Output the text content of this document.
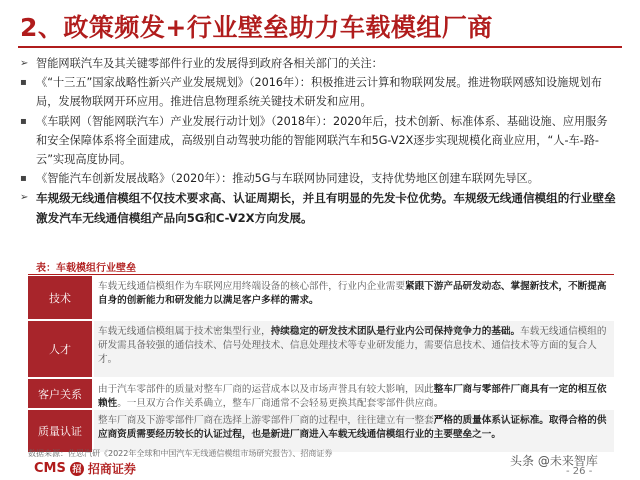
2、政策频发+行业壁垒助力车载模组厂商
➢ 智能网联汽车及其关键零部件行业的发展得到政府各相关部门的关注：
▪ 《“十三五”国家战略性新兴产业发展规划》（2016年）：积极推进云计算和物联网发展。推进物联网感知设施规划布局，发展物联网开环应用。推进信息物理系统关键技术研发和应用。
▪ 《车联网（智能网联汽车）产业发展行动计划》（2018年）：2020年后，技术创新、标准体系、基础设施、应用服务和安全保障体系将全面建成，高级别自动驾驶功能的智能网联汽车和5G-V2X逐步实现规模化商业应用，“人-车-路-云”实现高度协同。
▪ 《智能汽车创新发展战略》（2020年）：推动5G与车联网协同建设，支持优势地区创建车联网先导区。
➢ 车规级无线通信模组不仅技术要求高、认证周期长，并且有明显的先发卡位优势。车规级无线通信模组的行业壁垒激发汽车无线通信模组产品向5G和C-V2X方向发展。
表：车载模组行业壁垒
技术
车载无线通信模组作为车联网应用终端设备的核心部件，行业内企业需要紧跟下游产品研发动态、掌握新技术，不断提高自身的创新能力和研发能力以满足客户多样的需求。
人才
车载无线通信模组属于技术密集型行业，持续稳定的研发技术团队是行业内公司保持竞争力的基础。车载无线通信模组的研发需具备较强的通信技术、信号处理技术、信息处理技术等专业研发能力，需要信息技术、通信技术等方面的复合人才。
客户关系	由于汽车零部件的质量对整车厂商的运营成本以及市场声誉具有较大影响，因此整车厂商与零部件厂商具有一定的相互依赖性。一旦双方合作关系确立，整车厂商通常不会轻易更换其配套零部件供应商。
质量认证
整车厂商及下游零部件厂商在选择上游零部件厂商的过程中，往往建立有一整套严格的质量体系认证标准。取得合格的供应商资质需要经历较长的认证过程，也是新进厂商进入车载无线通信模组行业的主要壁垒之一。
数据来源：佐思汽研《2022年全球和中国汽车无线通信模组市场研究报告》、招商证券
CMS 招 招商证券
头条 @未来智库
- 26 -
